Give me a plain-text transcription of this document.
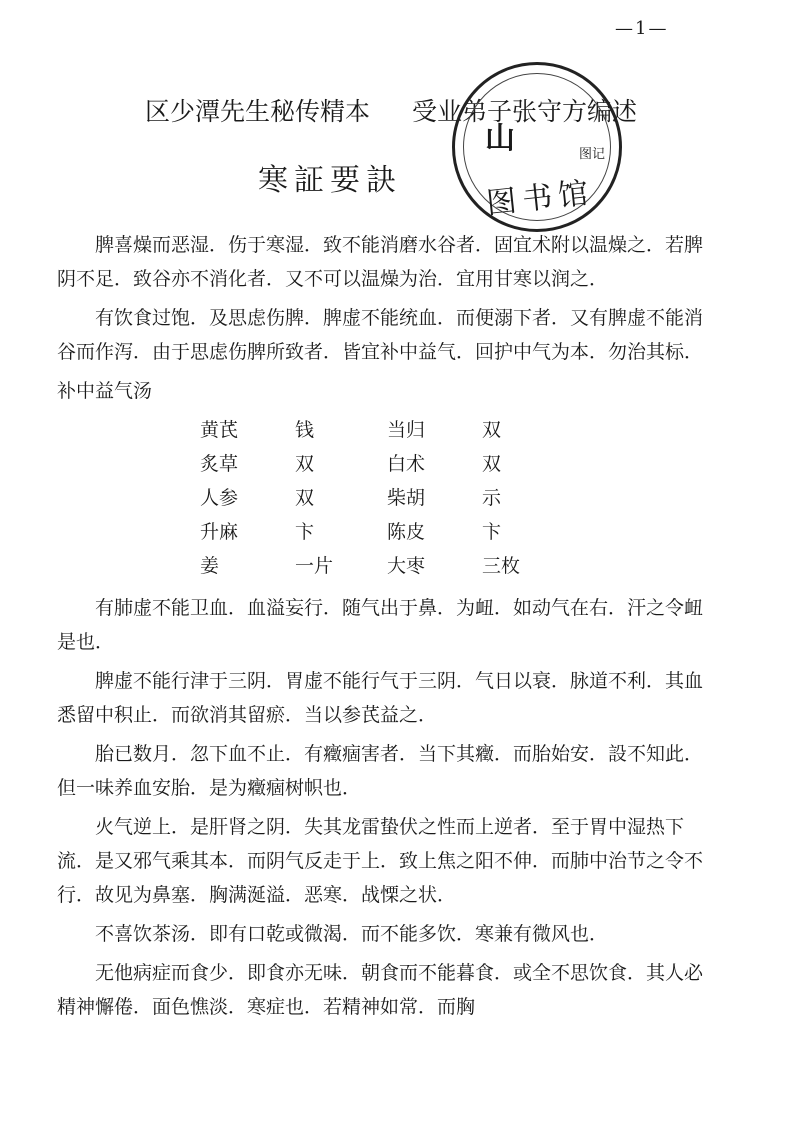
—1—
区少潭先生秘传精本 受业弟子张守方编述
山	图记
图书馆
寒証要訣

脾喜燥而恶湿．伤于寒湿．致不能消磨水谷者．固宜术附以温燥之．若脾阴不足．致谷亦不消化者．又不可以温燥为治．宜用甘寒以润之．

有饮食过饱．及思虑伤脾．脾虚不能统血．而便溺下者．又有脾虚不能消谷而作泻．由于思虑伤脾所致者．皆宜补中益气．回护中气为本．勿治其标．

补中益气汤

黄芪	钱	当归	双
炙草	双	白术	双
人参	双	柴胡	示
升麻	卞	陈皮	卞
姜	一片	大枣	三枚

有肺虚不能卫血．血溢妄行．随气出于鼻．为衄．如动气在右．汗之令衄是也．

脾虚不能行津于三阴．胃虚不能行气于三阴．气日以衰．脉道不利．其血悉留中积止．而欲消其留瘀．当以参芪益之．

胎已数月．忽下血不止．有癥痼害者．当下其癥．而胎始安．設不知此．但一味养血安胎．是为癥痼树帜也．

火气逆上．是肝肾之阴．失其龙雷蛰伏之性而上逆者．至于胃中湿热下流．是又邪气乘其本．而阴气反走于上．致上焦之阳不伸．而肺中治节之令不行．故见为鼻塞．胸满涎溢．恶寒．战慄之状．

不喜饮茶汤．即有口乾或微渴．而不能多饮．寒兼有微风也．

无他病症而食少．即食亦无味．朝食而不能暮食．或全不思饮食．其人必精神懈倦．面色憔淡．寒症也．若精神如常．而胸
